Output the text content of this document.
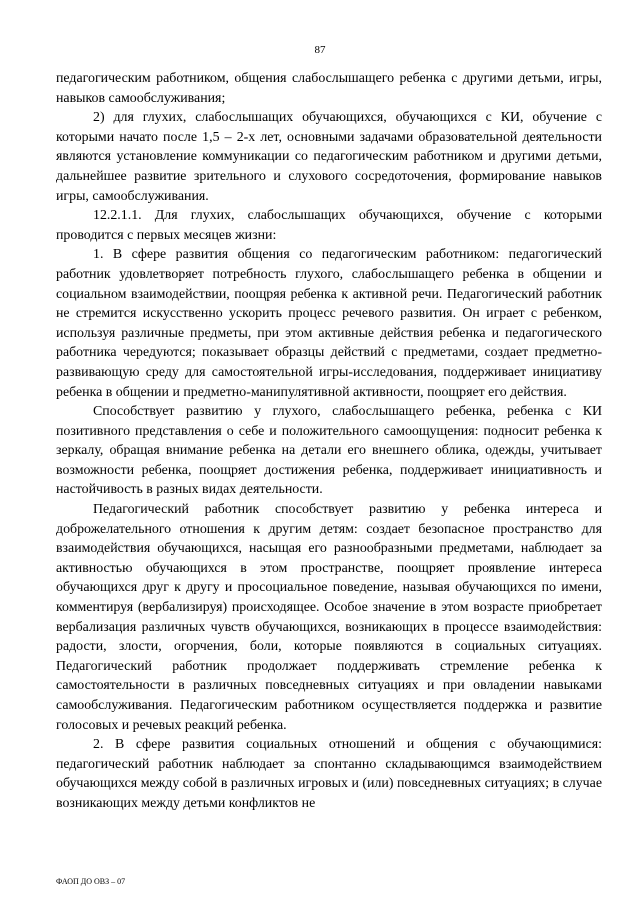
87

педагогическим работником, общения слабослышащего ребенка с другими детьми, игры, навыков самообслуживания;

2) для глухих, слабослышащих обучающихся, обучающихся с КИ, обучение с которыми начато после 1,5 – 2-х лет, основными задачами образовательной деятельности являются установление коммуникации со педагогическим работником и другими детьми, дальнейшее развитие зрительного и слухового сосредоточения, формирование навыков игры, самообслуживания.

12.2.1.1. Для глухих, слабослышащих обучающихся, обучение с которыми проводится с первых месяцев жизни:

1. В сфере развития общения со педагогическим работником: педагогический работник удовлетворяет потребность глухого, слабослышащего ребенка в общении и социальном взаимодействии, поощряя ребенка к активной речи. Педагогический работник не стремится искусственно ускорить процесс речевого развития. Он играет с ребенком, используя различные предметы, при этом активные действия ребенка и педагогического работника чередуются; показывает образцы действий с предметами, создает предметно-развивающую среду для самостоятельной игры-исследования, поддерживает инициативу ребенка в общении и предметно-манипулятивной активности, поощряет его действия.

Способствует развитию у глухого, слабослышащего ребенка, ребенка с КИ позитивного представления о себе и положительного самоощущения: подносит ребенка к зеркалу, обращая внимание ребенка на детали его внешнего облика, одежды, учитывает возможности ребенка, поощряет достижения ребенка, поддерживает инициативность и настойчивость в разных видах деятельности.

Педагогический работник способствует развитию у ребенка интереса и доброжелательного отношения к другим детям: создает безопасное пространство для взаимодействия обучающихся, насыщая его разнообразными предметами, наблюдает за активностью обучающихся в этом пространстве, поощряет проявление интереса обучающихся друг к другу и просоциальное поведение, называя обучающихся по имени, комментируя (вербализируя) происходящее. Особое значение в этом возрасте приобретает вербализация различных чувств обучающихся, возникающих в процессе взаимодействия: радости, злости, огорчения, боли, которые появляются в социальных ситуациях. Педагогический работник продолжает поддерживать стремление ребенка к самостоятельности в различных повседневных ситуациях и при овладении навыками самообслуживания. Педагогическим работником осуществляется поддержка и развитие голосовых и речевых реакций ребенка.

2. В сфере развития социальных отношений и общения с обучающимися: педагогический работник наблюдает за спонтанно складывающимся взаимодействием обучающихся между собой в различных игровых и (или) повседневных ситуациях; в случае возникающих между детьми конфликтов не

ФАОП ДО ОВЗ – 07
